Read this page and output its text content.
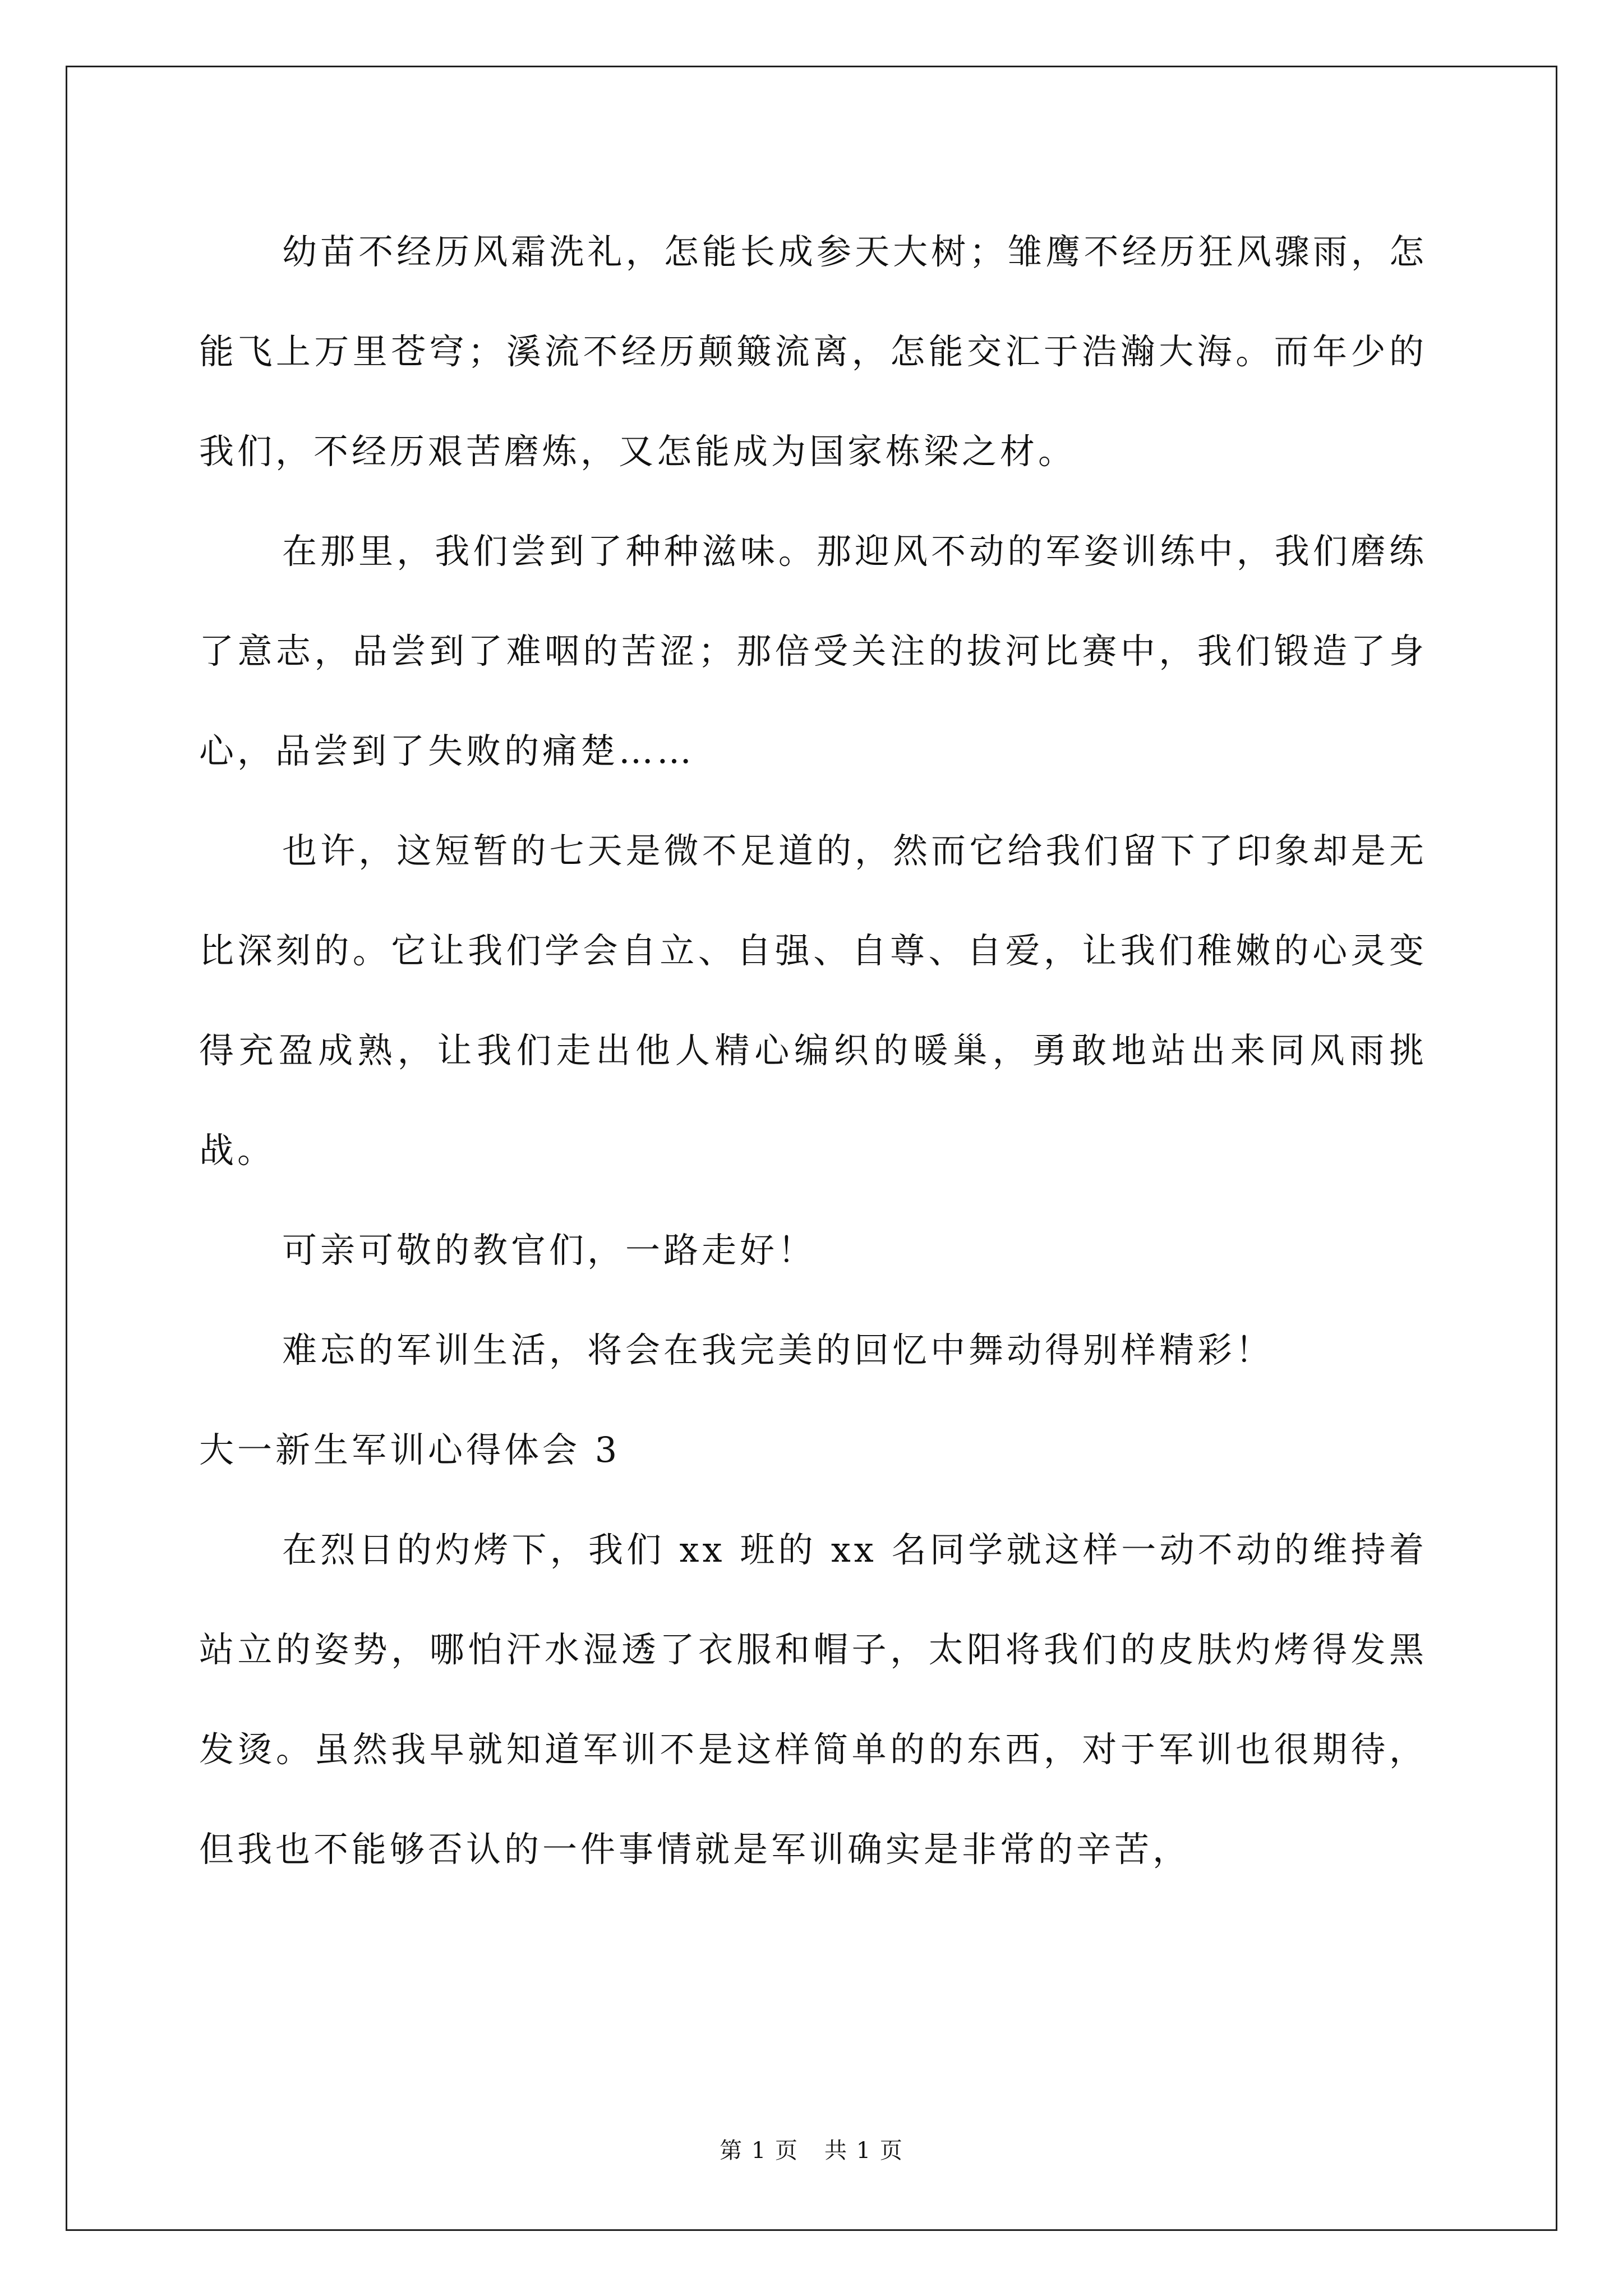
幼苗不经历风霜洗礼，怎能长成参天大树；雏鹰不经历狂风骤雨，怎能飞上万里苍穹；溪流不经历颠簸流离，怎能交汇于浩瀚大海。而年少的我们，不经历艰苦磨炼，又怎能成为国家栋梁之材。

在那里，我们尝到了种种滋味。那迎风不动的军姿训练中，我们磨练了意志，品尝到了难咽的苦涩；那倍受关注的拔河比赛中，我们锻造了身心，品尝到了失败的痛楚……

也许，这短暂的七天是微不足道的，然而它给我们留下了印象却是无比深刻的。它让我们学会自立、自强、自尊、自爱，让我们稚嫩的心灵变得充盈成熟，让我们走出他人精心编织的暖巢，勇敢地站出来同风雨挑战。

可亲可敬的教官们，一路走好！

难忘的军训生活，将会在我完美的回忆中舞动得别样精彩！

大一新生军训心得体会 3

在烈日的灼烤下，我们 xx 班的 xx 名同学就这样一动不动的维持着站立的姿势，哪怕汗水湿透了衣服和帽子，太阳将我们的皮肤灼烤得发黑发烫。虽然我早就知道军训不是这样简单的的东西，对于军训也很期待，但我也不能够否认的一件事情就是军训确实是非常的辛苦，

第 1 页 共 1 页
